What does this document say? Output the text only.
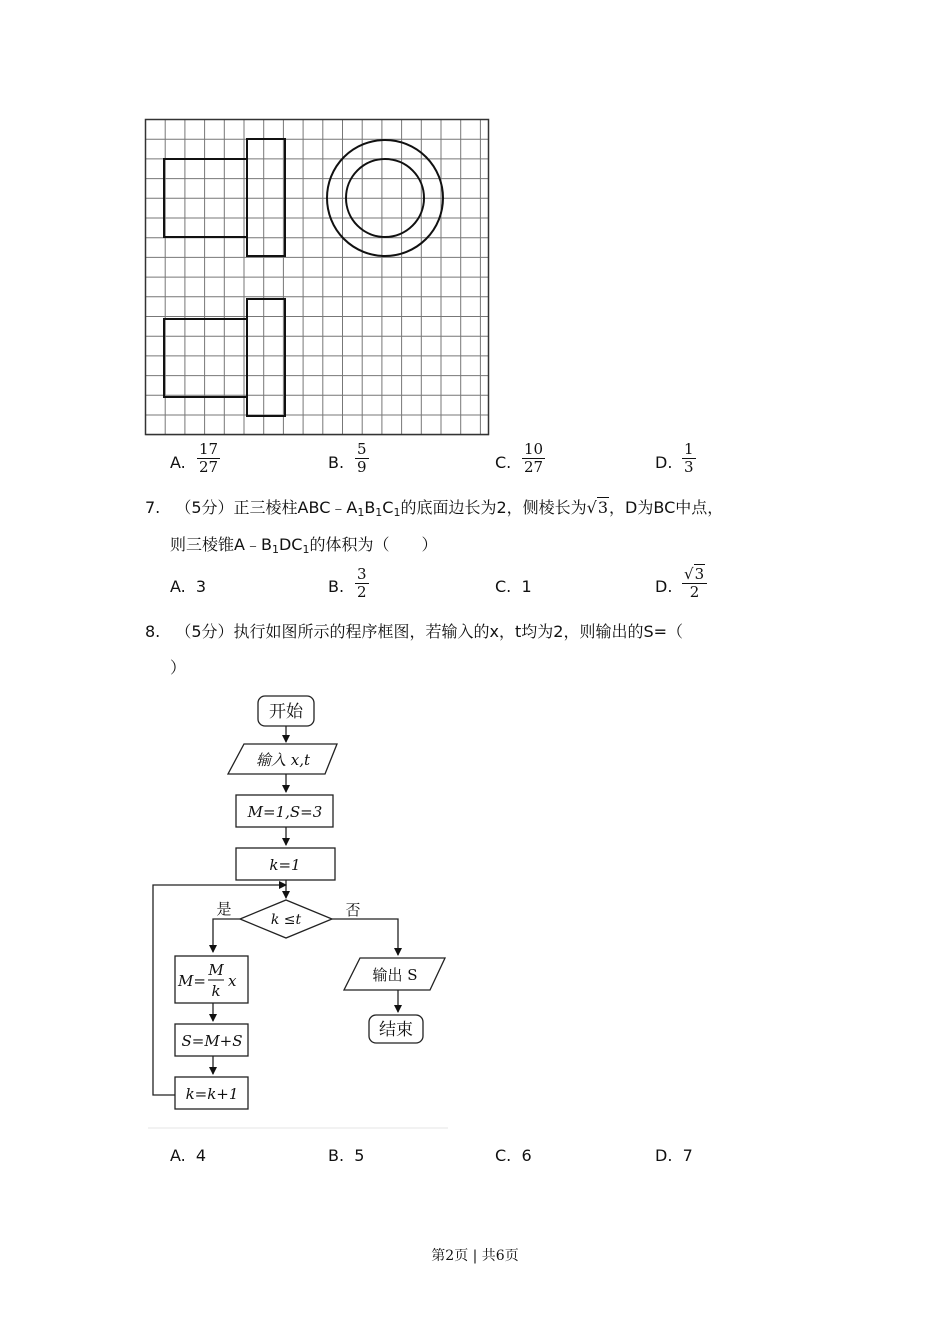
A. $\frac{17}{27}$	B. $\frac{5}{9}$	C. $\frac{10}{27}$	D. $\frac{1}{3}$
7. （5分）正三棱柱$ABC﹣A_1B_1C_1$的底面边长为2，侧棱长为√3，D为BC中点，
则三棱锥$A﹣B_1DC_1$的体积为（　　）
A. 3	B. $\frac{3}{2}$	C. 1	D. $\frac{√3}{2}$
8. （5分）执行如图所示的程序框图，若输入的x，t均为2，则输出的S=（
）
开始
输入 x,t
M=1,S=3
k=1
k ≤t
是	否
M=
M
k
x
S=M+S
k=k+1
输出 S
结束
A. 4	B. 5	C. 6	D. 7
第2页 | 共6页
